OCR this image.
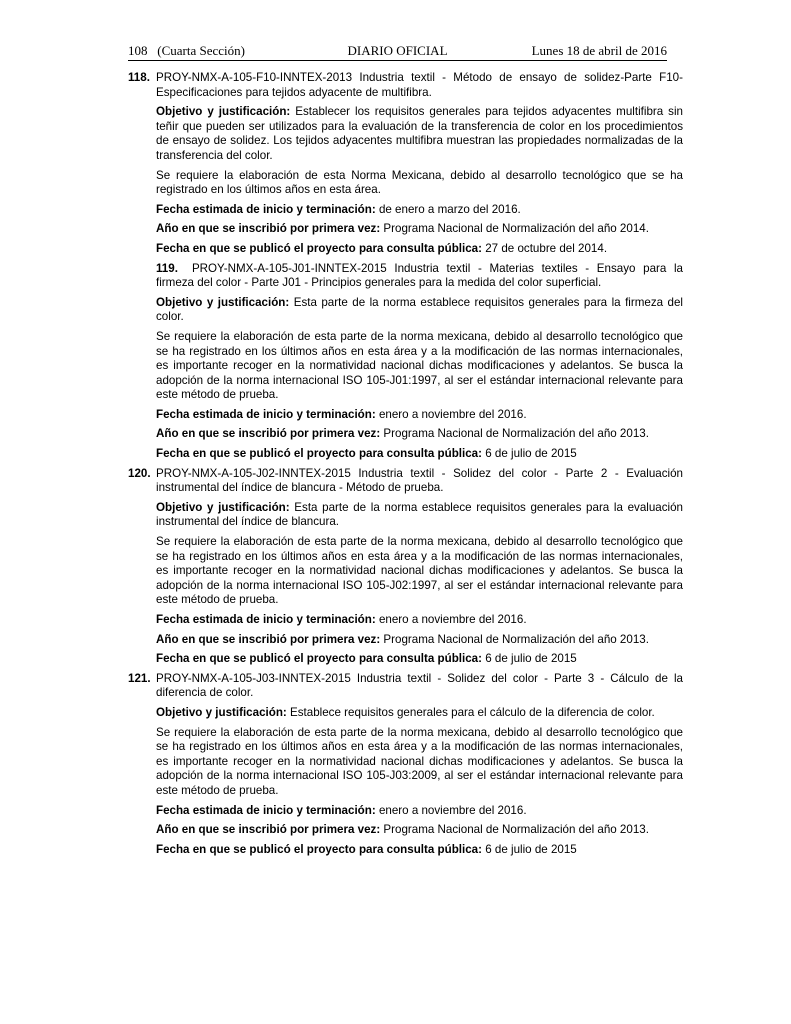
108 (Cuarta Sección)	DIARIO OFICIAL	Lunes 18 de abril de 2016
118. PROY-NMX-A-105-F10-INNTEX-2013 Industria textil - Método de ensayo de solidez-Parte F10-Especificaciones para tejidos adyacente de multifibra.

Objetivo y justificación: Establecer los requisitos generales para tejidos adyacentes multifibra sin teñir que pueden ser utilizados para la evaluación de la transferencia de color en los procedimientos de ensayo de solidez. Los tejidos adyacentes multifibra muestran las propiedades normalizadas de la transferencia del color.

Se requiere la elaboración de esta Norma Mexicana, debido al desarrollo tecnológico que se ha registrado en los últimos años en esta área.

Fecha estimada de inicio y terminación: de enero a marzo del 2016.

Año en que se inscribió por primera vez: Programa Nacional de Normalización del año 2014.

Fecha en que se publicó el proyecto para consulta pública: 27 de octubre del 2014.

119. PROY-NMX-A-105-J01-INNTEX-2015 Industria textil - Materias textiles - Ensayo para la firmeza del color - Parte J01 - Principios generales para la medida del color superficial.

Objetivo y justificación: Esta parte de la norma establece requisitos generales para la firmeza del color.

Se requiere la elaboración de esta parte de la norma mexicana, debido al desarrollo tecnológico que se ha registrado en los últimos años en esta área y a la modificación de las normas internacionales, es importante recoger en la normatividad nacional dichas modificaciones y adelantos. Se busca la adopción de la norma internacional ISO 105-J01:1997, al ser el estándar internacional relevante para este método de prueba.

Fecha estimada de inicio y terminación: enero a noviembre del 2016.

Año en que se inscribió por primera vez: Programa Nacional de Normalización del año 2013.

Fecha en que se publicó el proyecto para consulta pública: 6 de julio de 2015

120. PROY-NMX-A-105-J02-INNTEX-2015 Industria textil - Solidez del color - Parte 2 - Evaluación instrumental del índice de blancura - Método de prueba.

Objetivo y justificación: Esta parte de la norma establece requisitos generales para la evaluación instrumental del índice de blancura.

Se requiere la elaboración de esta parte de la norma mexicana, debido al desarrollo tecnológico que se ha registrado en los últimos años en esta área y a la modificación de las normas internacionales, es importante recoger en la normatividad nacional dichas modificaciones y adelantos. Se busca la adopción de la norma internacional ISO 105-J02:1997, al ser el estándar internacional relevante para este método de prueba.

Fecha estimada de inicio y terminación: enero a noviembre del 2016.

Año en que se inscribió por primera vez: Programa Nacional de Normalización del año 2013.

Fecha en que se publicó el proyecto para consulta pública: 6 de julio de 2015

121. PROY-NMX-A-105-J03-INNTEX-2015 Industria textil - Solidez del color - Parte 3 - Cálculo de la diferencia de color.

Objetivo y justificación: Establece requisitos generales para el cálculo de la diferencia de color.

Se requiere la elaboración de esta parte de la norma mexicana, debido al desarrollo tecnológico que se ha registrado en los últimos años en esta área y a la modificación de las normas internacionales, es importante recoger en la normatividad nacional dichas modificaciones y adelantos. Se busca la adopción de la norma internacional ISO 105-J03:2009, al ser el estándar internacional relevante para este método de prueba.

Fecha estimada de inicio y terminación: enero a noviembre del 2016.

Año en que se inscribió por primera vez: Programa Nacional de Normalización del año 2013.

Fecha en que se publicó el proyecto para consulta pública: 6 de julio de 2015
